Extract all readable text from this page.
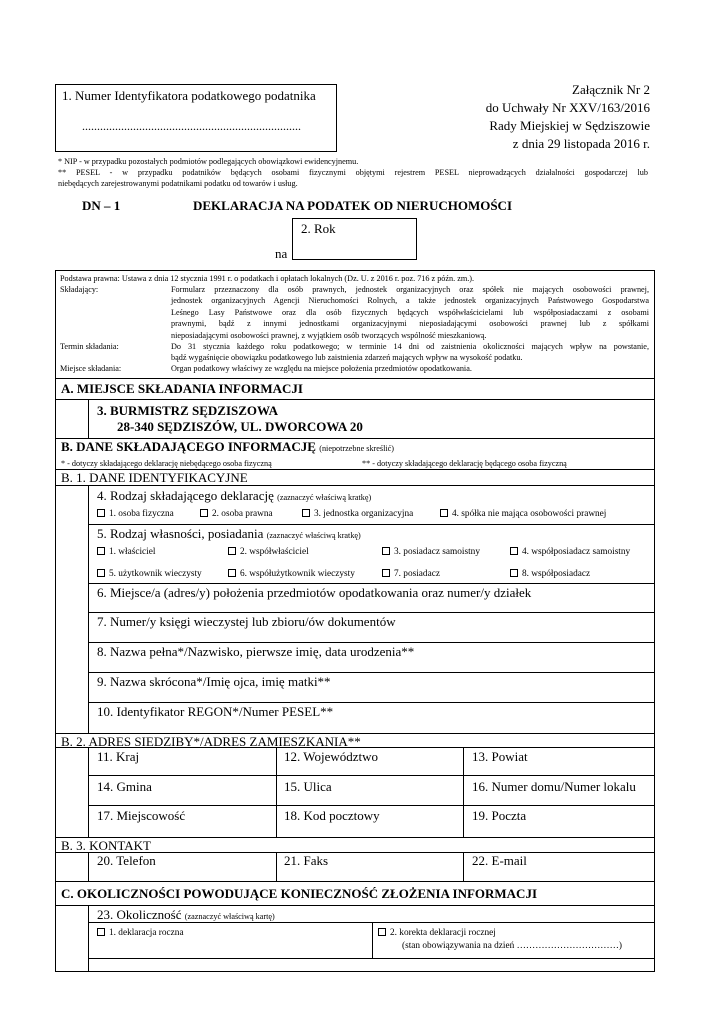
1. Numer Identyfikatora podatkowego podatnika
.........................................................................
Załącznik Nr 2
do Uchwały Nr XXV/163/2016
Rady Miejskiej w Sędziszowie
z dnia 29 listopada 2016 r.
* NIP - w przypadku pozostałych podmiotów podlegających obowiązkowi ewidencyjnemu.
** PESEL - w przypadku podatników będących osobami fizycznymi objętymi rejestrem PESEL nieprowadzących działalności gospodarczej lub
niebędących zarejestrowanymi podatnikami podatku od towarów i usług.
DN – 1	DEKLARACJA NA PODATEK OD NIERUCHOMOŚCI
2. Rok
na
Podstawa prawna: Ustawa z dnia 12 stycznia 1991 r. o podatkach i opłatach lokalnych (Dz. U. z 2016 r. poz. 716 z późn. zm.).
Składający:	Formularz przeznaczony dla osób prawnych, jednostek organizacyjnych oraz spółek nie mających osobowości prawnej,
jednostek organizacyjnych Agencji Nieruchomości Rolnych, a także jednostek organizacyjnych Państwowego Gospodarstwa
Leśnego Lasy Państwowe oraz dla osób fizycznych będących współwłaścicielami lub współposiadaczami z osobami
prawnymi, bądź z innymi jednostkami organizacyjnymi nieposiadającymi osobowości prawnej lub z spółkami
nieposiadającymi osobowości prawnej, z wyjątkiem osób tworzących wspólność mieszkaniową.
Termin składania:	Do 31 stycznia każdego roku podatkowego; w terminie 14 dni od zaistnienia okoliczności mających wpływ na powstanie,
bądź wygaśnięcie obowiązku podatkowego lub zaistnienia zdarzeń mających wpływ na wysokość podatku.
Miejsce składania:	Organ podatkowy właściwy ze względu na miejsce położenia przedmiotów opodatkowania.
A. MIEJSCE SKŁADANIA INFORMACJI
3. BURMISTRZ SĘDZISZOWA
28-340 SĘDZISZÓW, UL. DWORCOWA 20
B. DANE SKŁADAJĄCEGO INFORMACJĘ (niepotrzebne skreślić)
* - dotyczy składającego deklarację niebędącego osoba fizyczną	** - dotyczy składającego deklarację będącego osoba fizyczną
B. 1. DANE IDENTYFIKACYJNE
4. Rodzaj składającego deklarację (zaznaczyć właściwą kratkę)
1. osoba fizyczna	2. osoba prawna	3. jednostka organizacyjna	4. spółka nie mająca osobowości prawnej
5. Rodzaj własności, posiadania (zaznaczyć właściwą kratkę)
1. właściciel	2. współwłaściciel	3. posiadacz samoistny	4. współposiadacz samoistny
5. użytkownik wieczysty	6. współużytkownik wieczysty	7. posiadacz	8. współposiadacz
6. Miejsce/a (adres/y) położenia przedmiotów opodatkowania oraz numer/y działek
7. Numer/y księgi wieczystej lub zbioru/ów dokumentów
8. Nazwa pełna*/Nazwisko, pierwsze imię, data urodzenia**
9. Nazwa skrócona*/Imię ojca, imię matki**
10. Identyfikator REGON*/Numer PESEL**
B. 2. ADRES SIEDZIBY*/ADRES ZAMIESZKANIA**
11. Kraj	12. Województwo	13. Powiat
14. Gmina	15. Ulica	16. Numer domu/Numer lokalu
17. Miejscowość	18. Kod pocztowy	19. Poczta
B. 3. KONTAKT
20. Telefon	21. Faks	22. E-mail
C. OKOLICZNOŚCI POWODUJĄCE KONIECZNOŚĆ ZŁOŻENIA INFORMACJI
23. Okoliczność (zaznaczyć właściwą kartę)
1. deklaracja roczna	2. korekta deklaracji rocznej
(stan obowiązywania na dzień ……………………………)
